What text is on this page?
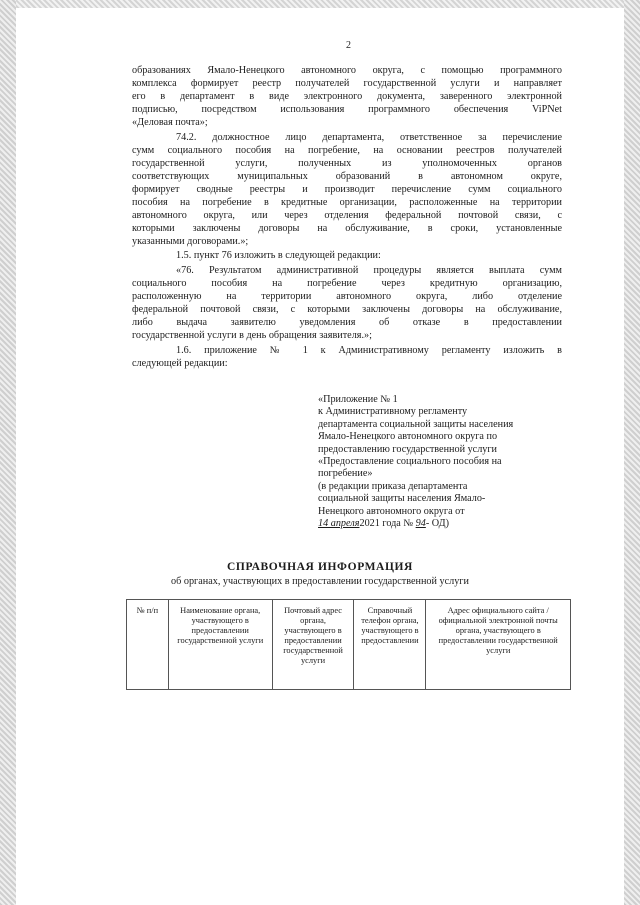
2
образованиях Ямало-Ненецкого автономного округа, с помощью программного
комплекса формирует реестр получателей государственной услуги и направляет
его в департамент в виде электронного документа, заверенного электронной
подписью, посредством использования программного обеспечения ViPNet
«Деловая почта»;
74.2. должностное лицо департамента, ответственное за перечисление
сумм социального пособия на погребение, на основании реестров получателей
государственной услуги, полученных из уполномоченных органов
соответствующих муниципальных образований в автономном округе,
формирует сводные реестры и производит перечисление сумм социального
пособия на погребение в кредитные организации, расположенные на территории
автономного округа, или через отделения федеральной почтовой связи, с
которыми заключены договоры на обслуживание, в сроки, установленные
указанными договорами.»;
1.5. пункт 76 изложить в следующей редакции:
«76. Результатом административной процедуры является выплата сумм
социального пособия на погребение через кредитную организацию,
расположенную на территории автономного округа, либо отделение
федеральной почтовой связи, с которыми заключены договоры на обслуживание,
либо выдача заявителю уведомления об отказе в предоставлении
государственной услуги в день обращения заявителя.»;
1.6. приложение № 1 к Административному регламенту изложить в
следующей редакции:
«Приложение № 1
к Административному регламенту
департамента социальной защиты населения
Ямало-Ненецкого автономного округа по
предоставлению государственной услуги
«Предоставление социального пособия на
погребение»
(в редакции приказа департамента
социальной защиты населения Ямало-
Ненецкого автономного округа от
14 апреля2021 года № 94- ОД)
СПРАВОЧНАЯ ИНФОРМАЦИЯ
об органах, участвующих в предоставлении государственной услуги
№ п/п	Наименование органа, участвующего в предоставлении государственной услуги	Почтовый адрес органа, участвующего в предоставлении государственной услуги	Справочный телефон органа, участвующего в предоставлении	Адрес официального сайта /официальной электронной почты органа, участвующего в предоставлении государственной услуги
